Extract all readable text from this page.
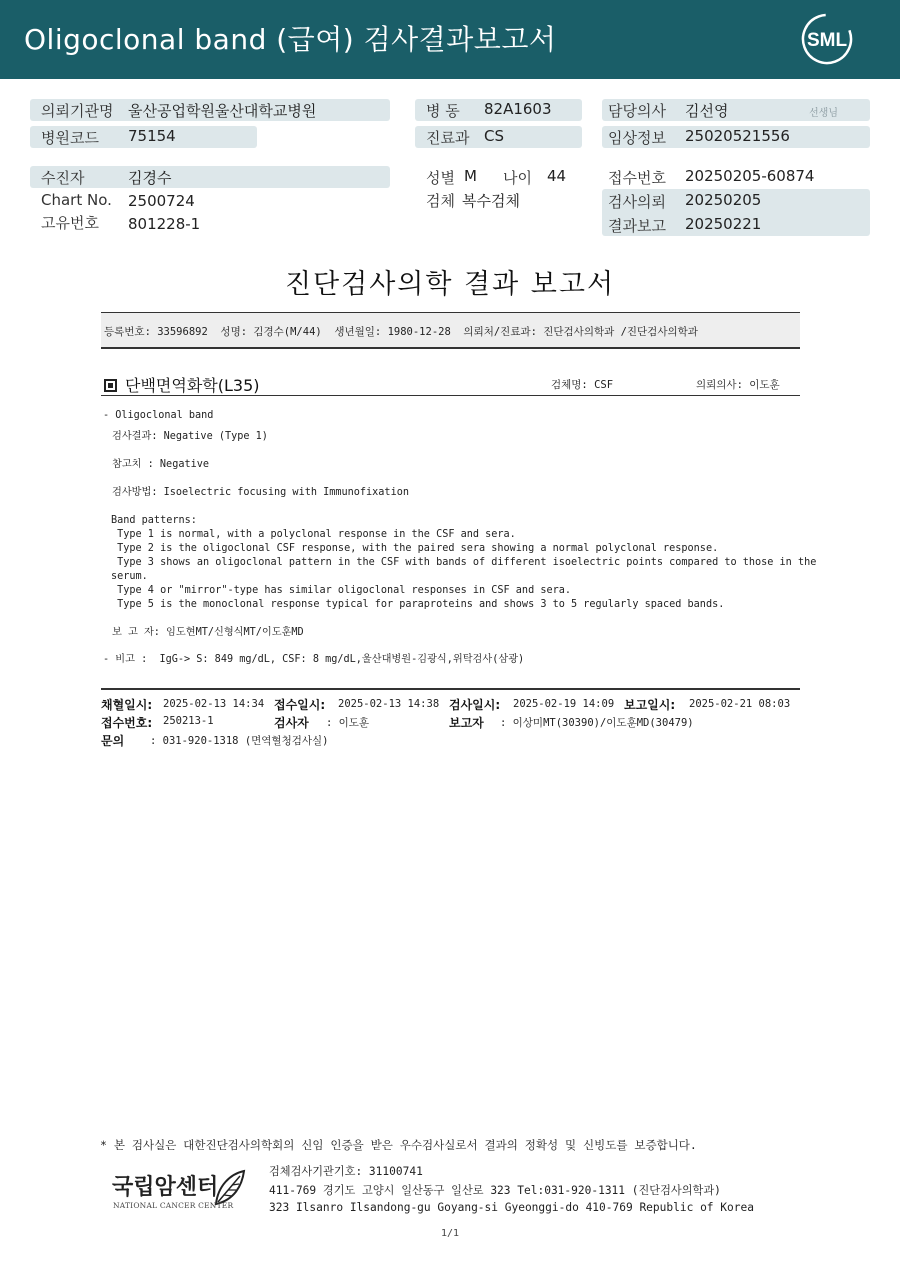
Oligoclonal band (급여) 검사결과보고서	SML
의뢰기관명 울산공업학원울산대학교병원
병원코드 75154
수진자	김경수
Chart No. 2500724
고유번호 801228-1
병 동 82A1603
진료과 CS
성별 M 나이 44
검체 복수검체
담당의사 김선영	선생님
임상정보 25020521556
접수번호 20250205-60874
검사의뢰 20250205
결과보고 20250221
진단검사의학 결과 보고서
등록번호: 33596892  성명: 김경수(M/44)  생년월일: 1980-12-28  의뢰처/진료과: 진단검사의학과 /진단검사의학과
단백면역화학(L35)	검체명: CSF	의뢰의사: 이도훈
- Oligoclonal band
검사결과: Negative (Type 1)
참고치 : Negative
검사방법: Isoelectric focusing with Immunofixation
Band patterns:
Type 1 is normal, with a polyclonal response in the CSF and sera.
Type 2 is the oligoclonal CSF response, with the paired sera showing a normal polyclonal response.
Type 3 shows an oligoclonal pattern in the CSF with bands of different isoelectric points compared to those in the
serum.
Type 4 or "mirror"-type has similar oligoclonal responses in CSF and sera.
Type 5 is the monoclonal response typical for paraproteins and shows 3 to 5 regularly spaced bands.
보 고 자: 임도현MT/신형식MT/이도훈MD
- 비고 :  IgG-> S: 849 mg/dL, CSF: 8 mg/dL,울산대병원-김광식,위탁검사(삼광)
채혈일시: 2025-02-13 14:34 접수일시: 2025-02-13 14:38 검사일시: 2025-02-19 14:09 보고일시: 2025-02-21 08:03
접수번호: 250213-1	검사자 : 이도훈	보고자 : 이상미MT(30390)/이도훈MD(30479)
문의 : 031-920-1318 (면역혈청검사실)
* 본 검사실은 대한진단검사의학회의 신임 인증을 받은 우수검사실로서 결과의 정확성 및 신빙도를 보증합니다.
국립암센터
NATIONAL CANCER CENTER
검체검사기관기호: 31100741
411-769 경기도 고양시 일산동구 일산로 323 Tel:031-920-1311 (진단검사의학과)
323 Ilsanro Ilsandong-gu Goyang-si Gyeonggi-do 410-769 Republic of Korea
1/1
